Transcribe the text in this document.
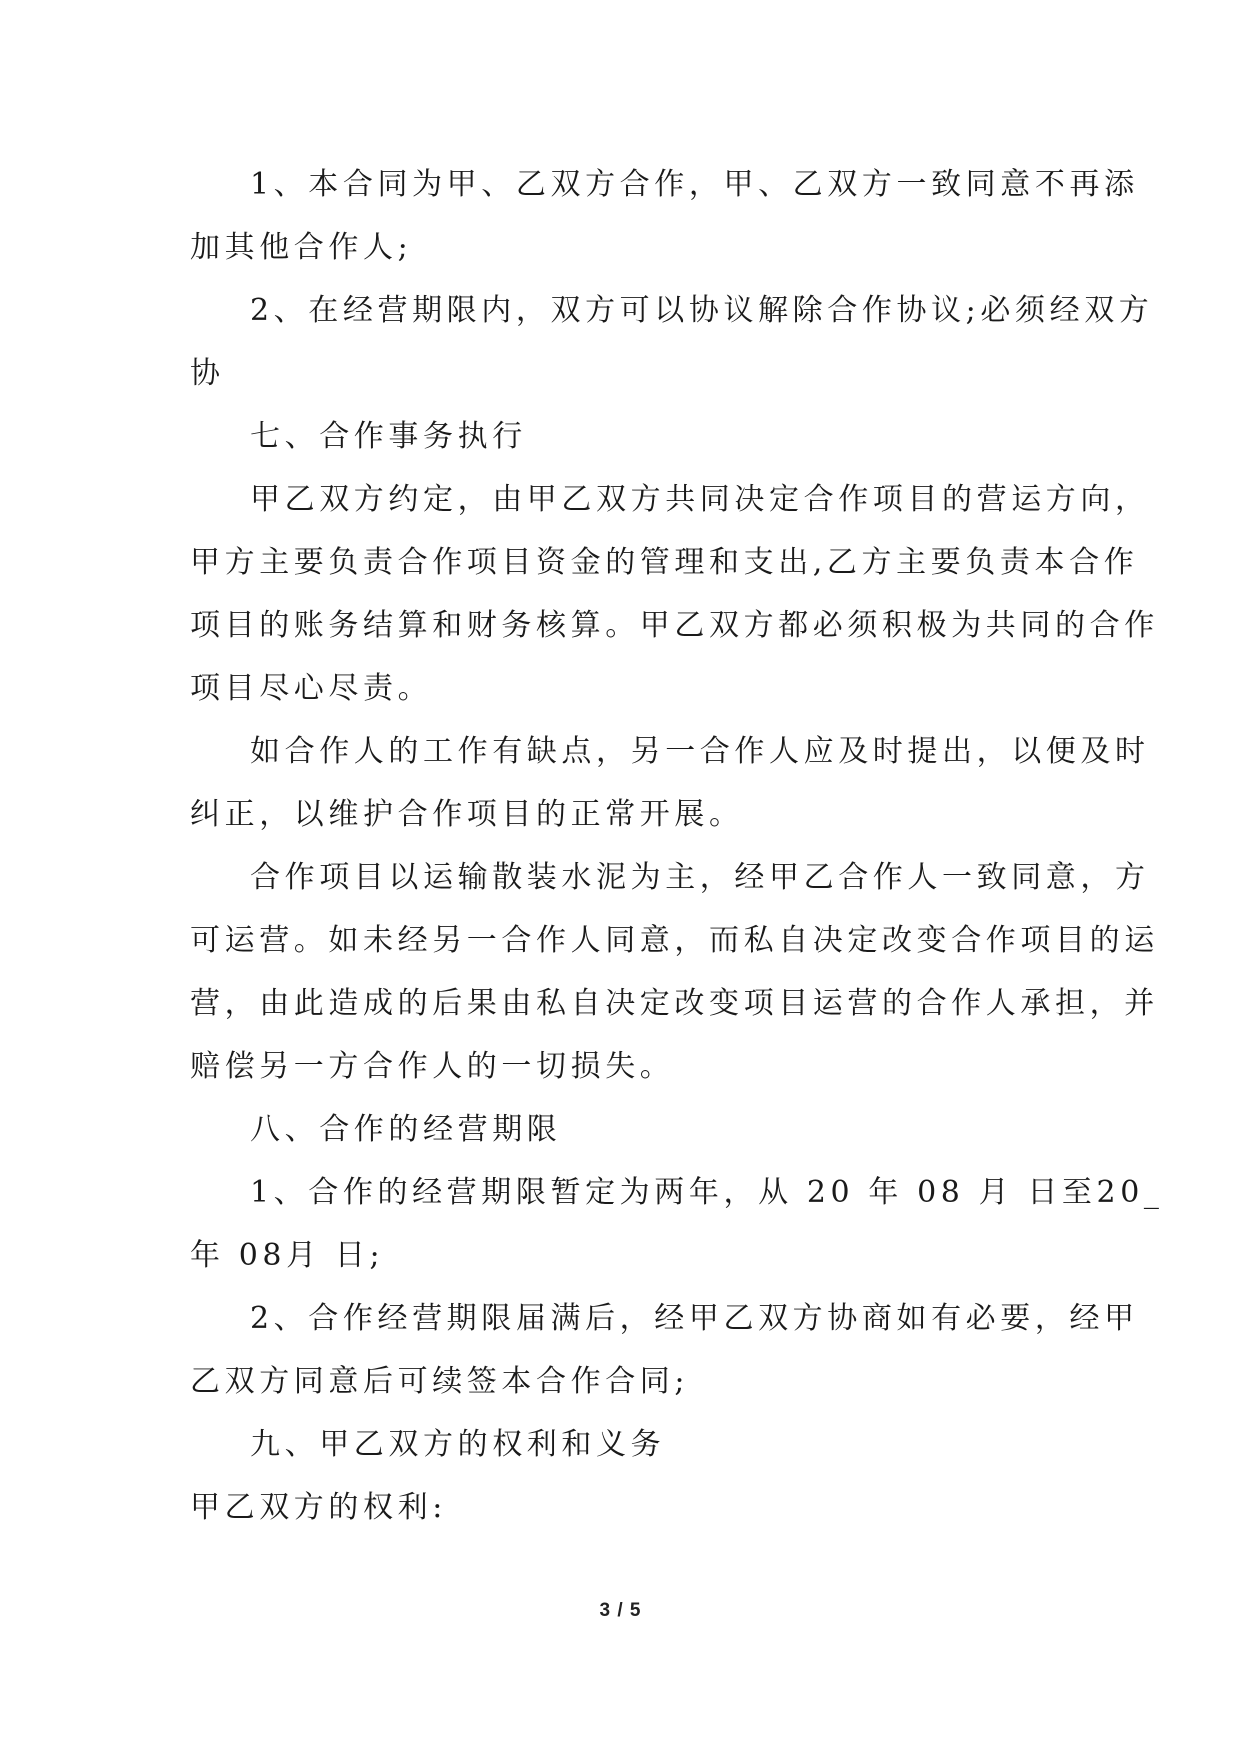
1、本合同为甲、乙双方合作，甲、乙双方一致同意不再添
加其他合作人;
2、在经营期限内，双方可以协议解除合作协议;必须经双方
协
七、合作事务执行
甲乙双方约定，由甲乙双方共同决定合作项目的营运方向，
甲方主要负责合作项目资金的管理和支出,乙方主要负责本合作
项目的账务结算和财务核算。甲乙双方都必须积极为共同的合作
项目尽心尽责。
如合作人的工作有缺点，另一合作人应及时提出，以便及时
纠正，以维护合作项目的正常开展。
合作项目以运输散装水泥为主，经甲乙合作人一致同意，方
可运营。如未经另一合作人同意，而私自决定改变合作项目的运
营，由此造成的后果由私自决定改变项目运营的合作人承担，并
赔偿另一方合作人的一切损失。
八、合作的经营期限
1、合作的经营期限暂定为两年，从 20 年 08 月 日至20_
年 08月 日;
2、合作经营期限届满后，经甲乙双方协商如有必要，经甲
乙双方同意后可续签本合作合同;
九、甲乙双方的权利和义务
甲乙双方的权利:
3 / 5
